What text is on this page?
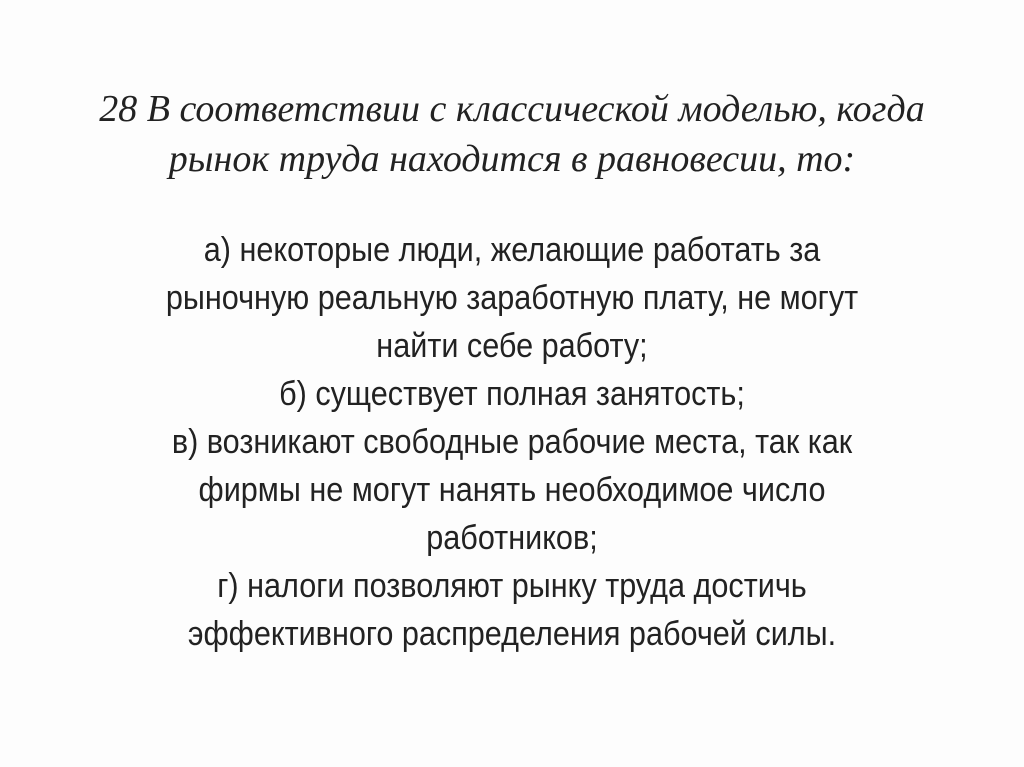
28 В соответствии с классической моделью, когда
рынок труда находится в равновесии, то:
а) некоторые люди, желающие работать за
рыночную реальную заработную плату, не могут
найти себе работу;
б) существует полная занятость;
в) возникают свободные рабочие места, так как
фирмы не могут нанять необходимое число
работников;
г) налоги позволяют рынку труда достичь
эффективного распределения рабочей силы.
